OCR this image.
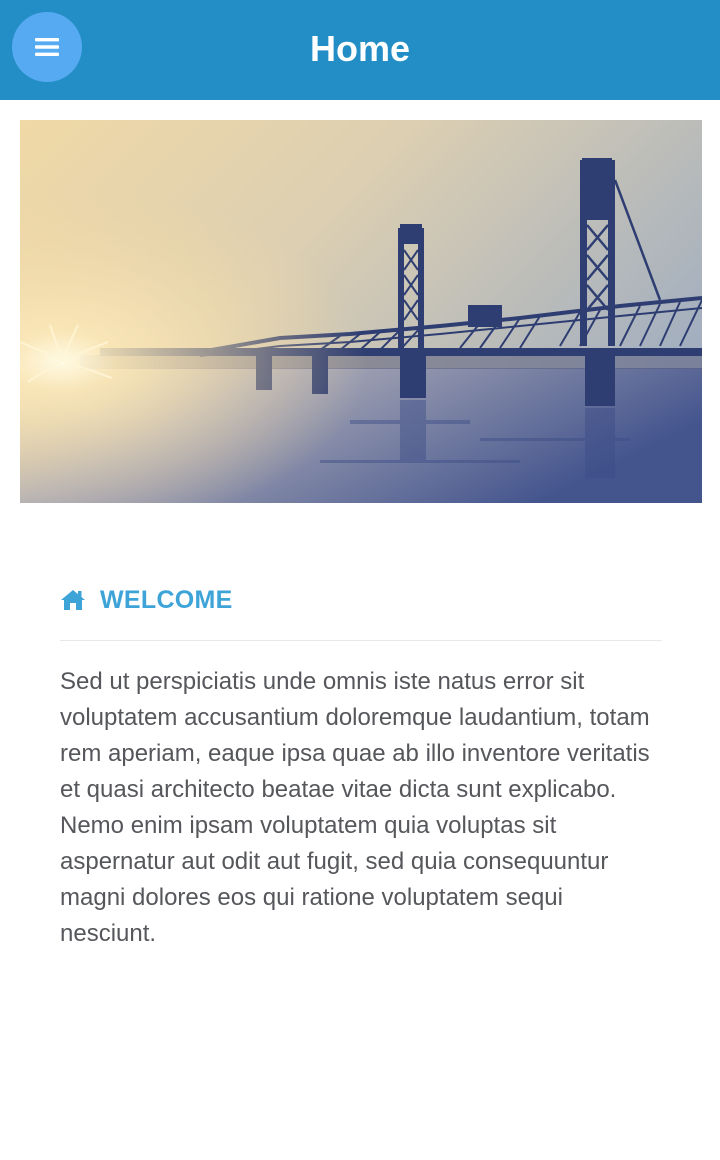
Home
WELCOME

Sed ut perspiciatis unde omnis iste natus error sit voluptatem accusantium doloremque laudantium, totam rem aperiam, eaque ipsa quae ab illo inventore veritatis et quasi architecto beatae vitae dicta sunt explicabo. Nemo enim ipsam voluptatem quia voluptas sit aspernatur aut odit aut fugit, sed quia consequuntur magni dolores eos qui ratione voluptatem sequi nesciunt.
